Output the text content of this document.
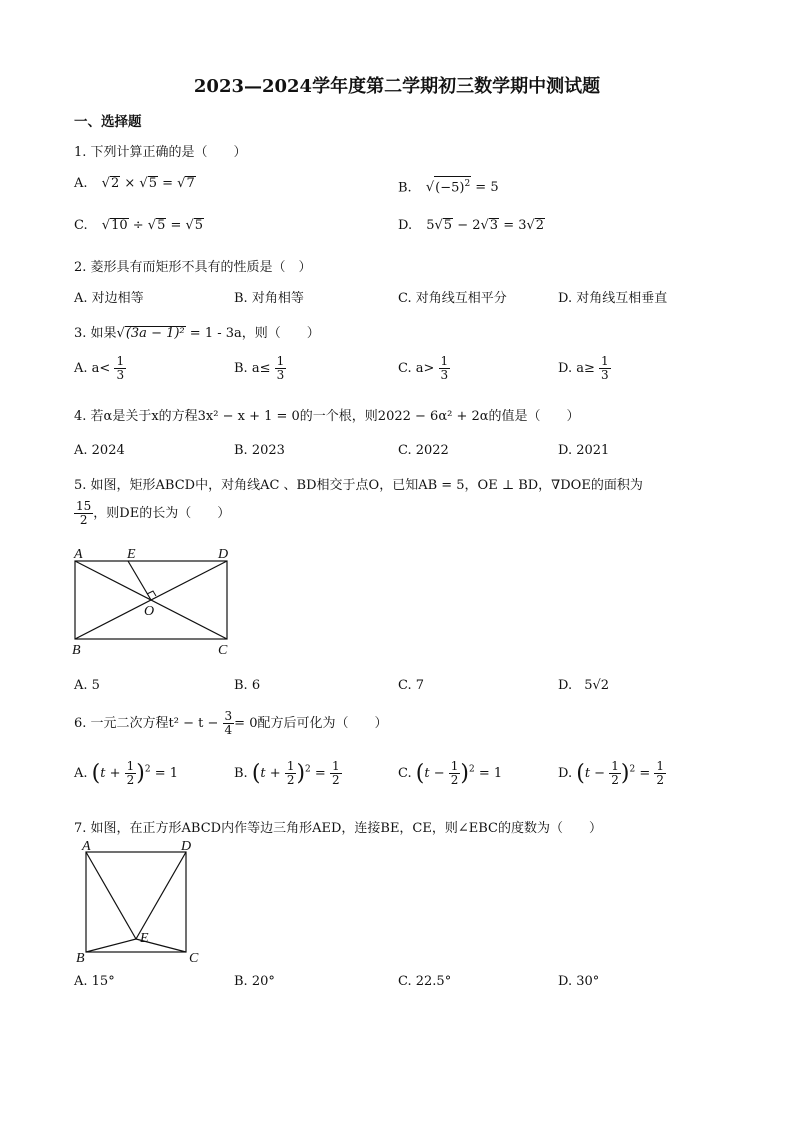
2023—2024学年度第二学期初三数学期中测试题
一、选择题
1. 下列计算正确的是（　　）
A. √2 × √5 = √7	B. $√(-5)^2 = 5$
C. √10 ÷ √5 = √5	D. 5√5 − 2√3 = 3√2
2. 菱形具有而矩形不具有的性质是（　）
A. 对边相等	B. 对角相等	C. 对角线互相平分	D. 对角线互相垂直
3. 如果√(3a − 1)² = 1 - 3a，则（　　）
A. $a< \frac{1}{3}$	B. $a\le \frac{1}{3}$	C. $a> \frac{1}{3}$	D. $a\ge \frac{1}{3}$
4. 若α是关于x的方程3x² − x + 1 = 0的一个根，则2022 − 6α² + 2α的值是（　　）
A. 2024	B. 2023	C. 2022	D. 2021
5. 如图，矩形ABCD中，对角线AC 、BD相交于点O，已知AB = 5，OE ⊥ BD，∇DOE的面积为
$\frac{15}{2}$ ，则DE的长为（　　）
A	E	D
O
B	C
A. 5	B. 6	C. 7	D. 5√2
6. 一元二次方程$t^2 - t - \frac{3}{4} = 0$配方后可化为（　　）
A. $(t + \frac{1}{2} )^2 = 1$	B. $(t + \frac{1}{2} )^2 = \frac{1}{2}$	C. $(t - \frac{1}{2} )^2 = 1$	D. $(t - \frac{1}{2} )^2 = \frac{1}{2}$
7. 如图，在正方形ABCD内作等边三角形AED，连接BE，CE，则∠EBC的度数为（　　）
A	D
E
B	C
A. 15°	B. 20°	C. 22.5°	D. 30°
